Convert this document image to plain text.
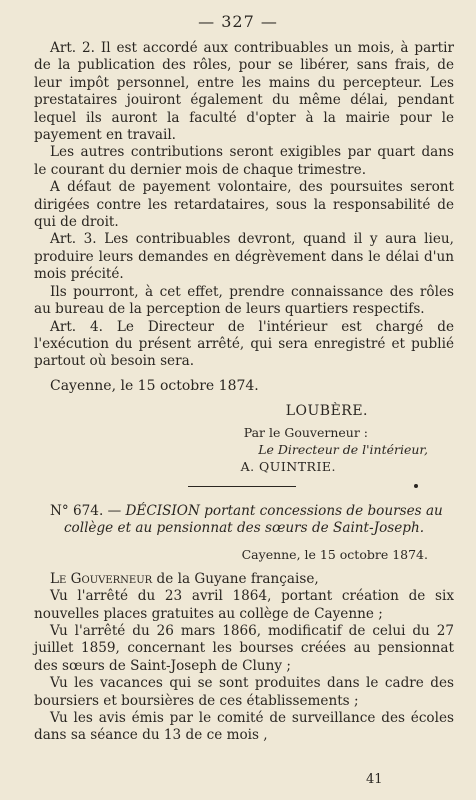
— 327 —

Art. 2. Il est accordé aux contribuables un mois, à partir de la publication des rôles, pour se libérer, sans frais, de leur impôt personnel, entre les mains du percepteur. Les prestataires jouiront également du même délai, pendant lequel ils auront la faculté d'opter à la mairie pour le payement en travail.

Les autres contributions seront exigibles par quart dans le courant du dernier mois de chaque trimestre.

A défaut de payement volontaire, des poursuites seront dirigées contre les retardataires, sous la responsabilité de qui de droit.

Art. 3. Les contribuables devront, quand il y aura lieu, produire leurs demandes en dégrèvement dans le délai d'un mois précité.

Ils pourront, à cet effet, prendre connaissance des rôles au bureau de la perception de leurs quartiers respectifs.

Art. 4. Le Directeur de l'intérieur est chargé de l'exécution du présent arrêté, qui sera enregistré et publié partout où besoin sera.

Cayenne, le 15 octobre 1874.
LOUBÈRE.
Par le Gouverneur :
Le Directeur de l'intérieur,
A. QUINTRIE.
N° 674. — DÉCISION portant concessions de bourses au
collège et au pensionnat des sœurs de Saint-Joseph.
Cayenne, le 15 octobre 1874.
Le Gouverneur de la Guyane française,

Vu l'arrêté du 23 avril 1864, portant création de six nouvelles places gratuites au collège de Cayenne ;

Vu l'arrêté du 26 mars 1866, modificatif de celui du 27 juillet 1859, concernant les bourses créées au pensionnat des sœurs de Saint-Joseph de Cluny ;

Vu les vacances qui se sont produites dans le cadre des boursiers et boursières de ces établissements ;

Vu les avis émis par le comité de surveillance des écoles dans sa séance du 13 de ce mois ,

41
